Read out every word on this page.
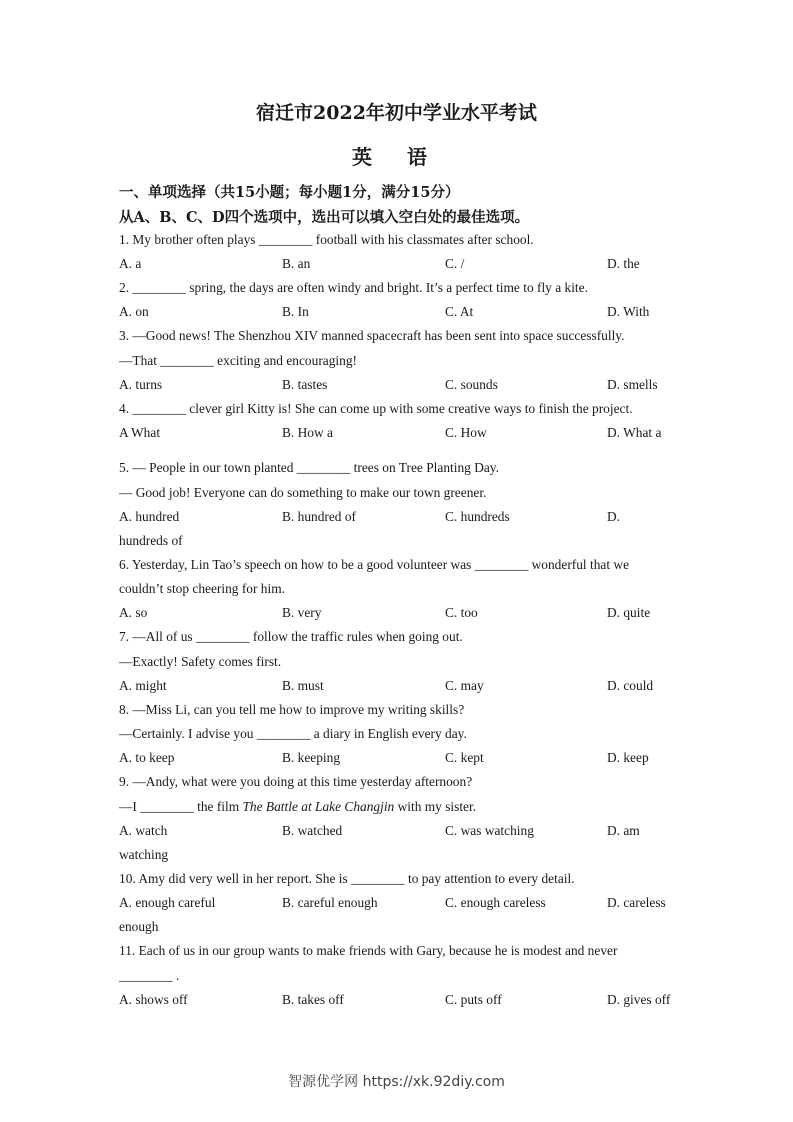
宿迁市2022年初中学业水平考试
英 语
一、单项选择（共15小题；每小题1分，满分15分）
从A、B、C、D四个选项中，选出可以填入空白处的最佳选项。
1. My brother often plays ________ football with his classmates after school.
A. a	B. an	C. /	D. the
2. ________ spring, the days are often windy and bright. It’s a perfect time to fly a kite.
A. on	B. In	C. At	D. With
3. —Good news! The Shenzhou XIV manned spacecraft has been sent into space successfully.
—That ________ exciting and encouraging!
A. turns	B. tastes	C. sounds	D. smells
4. ________ clever girl Kitty is! She can come up with some creative ways to finish the project.
A What	B. How a	C. How	D. What a
5. — People in our town planted ________ trees on Tree Planting Day.
— Good job! Everyone can do something to make our town greener.
A. hundred	B. hundred of	C. hundreds	D.
hundreds of
6. Yesterday, Lin Tao’s speech on how to be a good volunteer was ________ wonderful that we
couldn’t stop cheering for him.
A. so	B. very	C. too	D. quite
7. —All of us ________ follow the traffic rules when going out.
—Exactly! Safety comes first.
A. might	B. must	C. may	D. could
8. —Miss Li, can you tell me how to improve my writing skills?
—Certainly. I advise you ________ a diary in English every day.
A. to keep	B. keeping	C. kept	D. keep
9. —Andy, what were you doing at this time yesterday afternoon?
—I ________ the film The Battle at Lake Changjin with my sister.
A. watch	B. watched	C. was watching	D. am
watching
10. Amy did very well in her report. She is ________ to pay attention to every detail.
A. enough careful	B. careful enough	C. enough careless	D. careless
enough
11. Each of us in our group wants to make friends with Gary, because he is modest and never
________ .
A. shows off	B. takes off	C. puts off	D. gives off
智源优学网 https://xk.92diy.com
